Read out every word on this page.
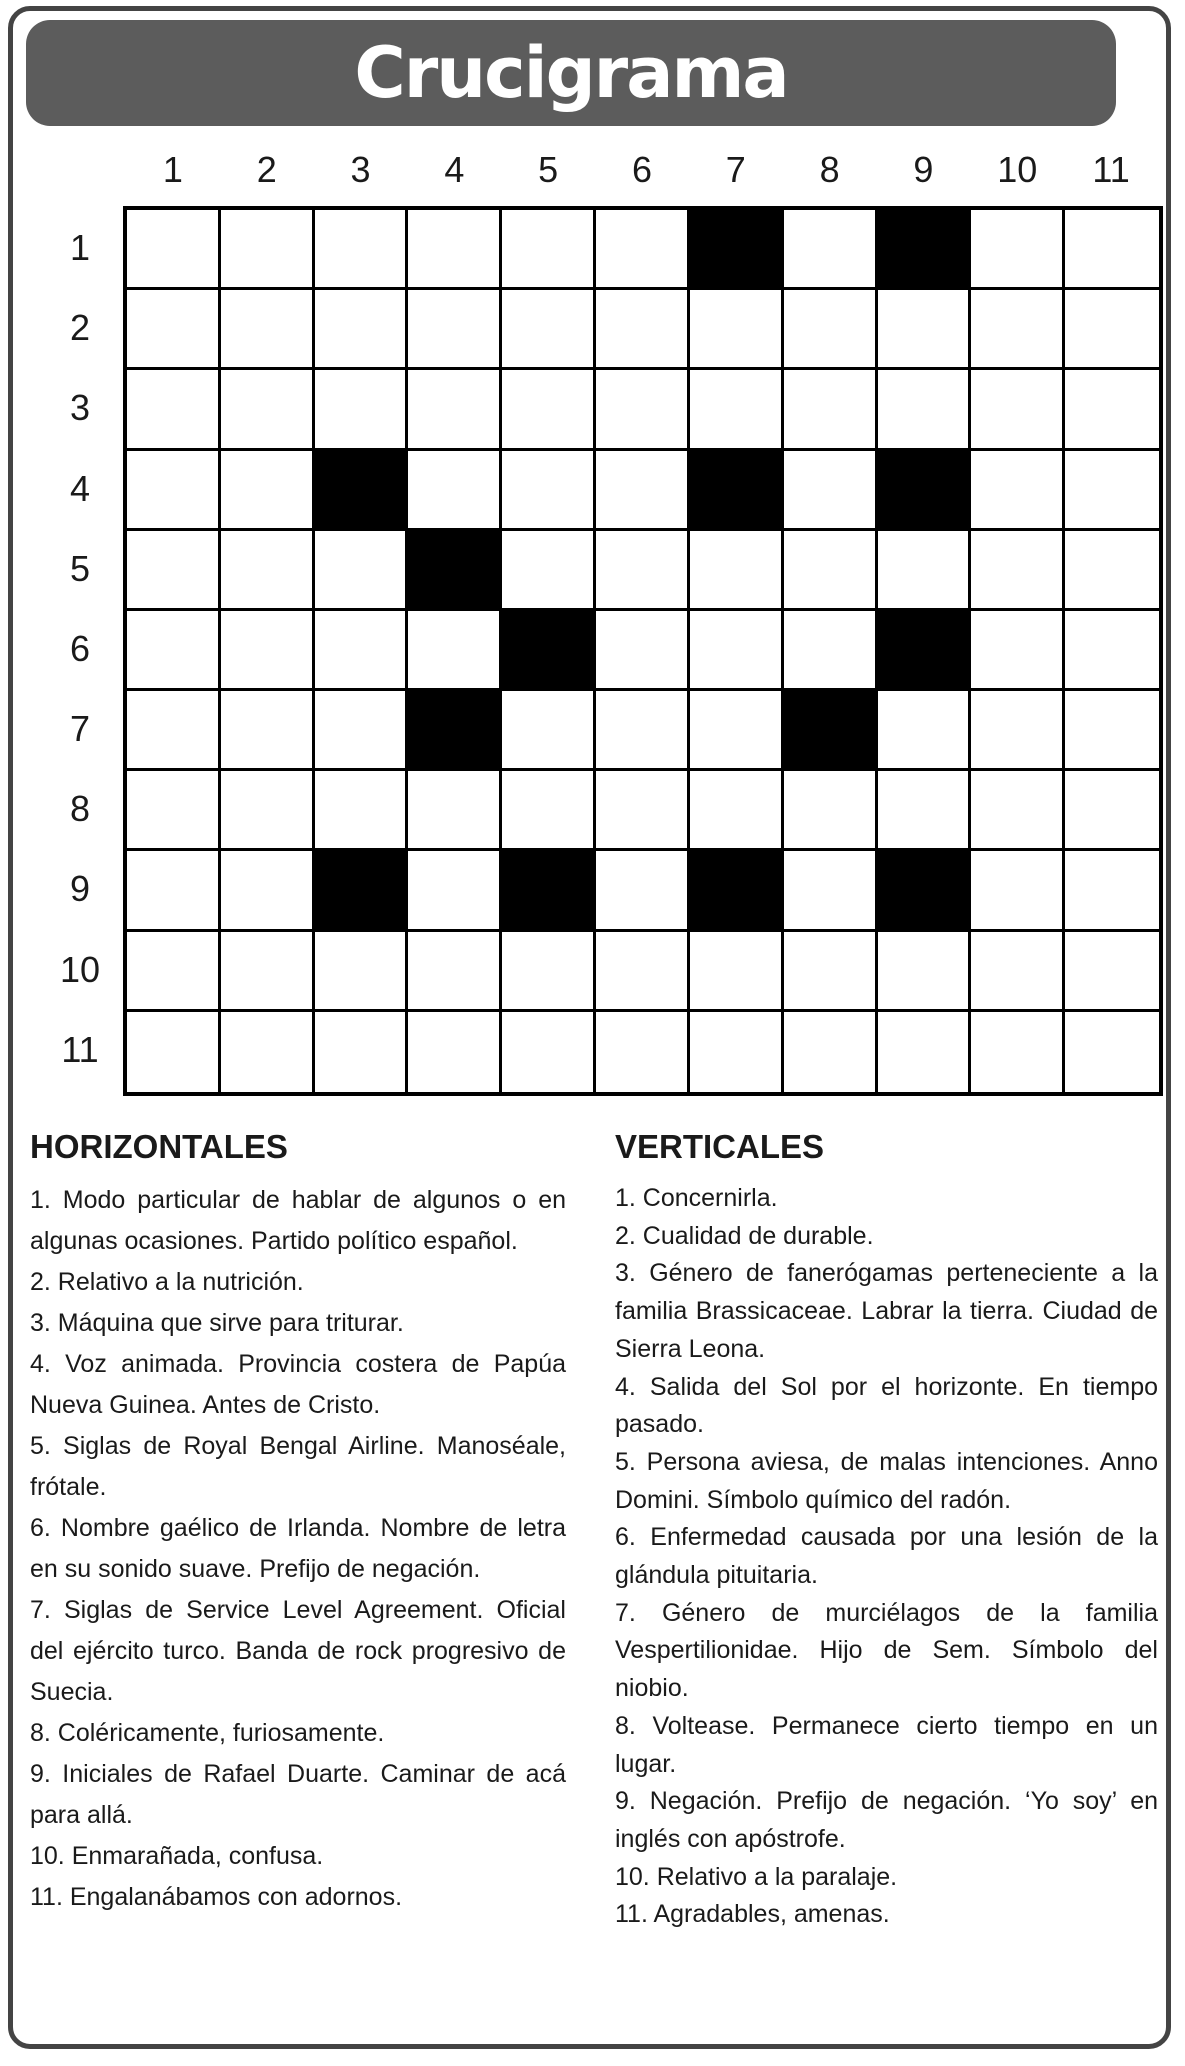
Crucigrama
1	2	3	4	5	6	7	8	9	10	11
1
2
3
4
5
6
7
8
9
10
11
HORIZONTALES

1. Modo particular de hablar de algunos o en algunas ocasiones. Partido político español.

2. Relativo a la nutrición.

3. Máquina que sirve para triturar.

4. Voz animada. Provincia costera de Papúa Nueva Guinea. Antes de Cristo.

5. Siglas de Royal Bengal Airline. Manoséale, frótale.

6. Nombre gaélico de Irlanda. Nombre de letra en su sonido suave. Prefijo de negación.

7. Siglas de Service Level Agreement. Oficial del ejército turco. Banda de rock progresivo de Suecia.

8. Coléricamente, furiosamente.

9. Iniciales de Rafael Duarte. Caminar de acá para allá.

10. Enmarañada, confusa.

11. Engalanábamos con adornos.

VERTICALES

1. Concernirla.

2. Cualidad de durable.

3. Género de fanerógamas perteneciente a la familia Brassicaceae. Labrar la tierra. Ciudad de Sierra Leona.

4. Salida del Sol por el horizonte. En tiempo pasado.

5. Persona aviesa, de malas intenciones. Anno Domini. Símbolo químico del radón.

6. Enfermedad causada por una lesión de la glándula pituitaria.

7. Género de murciélagos de la familia Vespertilionidae. Hijo de Sem. Símbolo del niobio.

8. Voltease. Permanece cierto tiempo en un lugar.

9. Negación. Prefijo de negación. ‘Yo soy’ en inglés con apóstrofe.

10. Relativo a la paralaje.

11. Agradables, amenas.
